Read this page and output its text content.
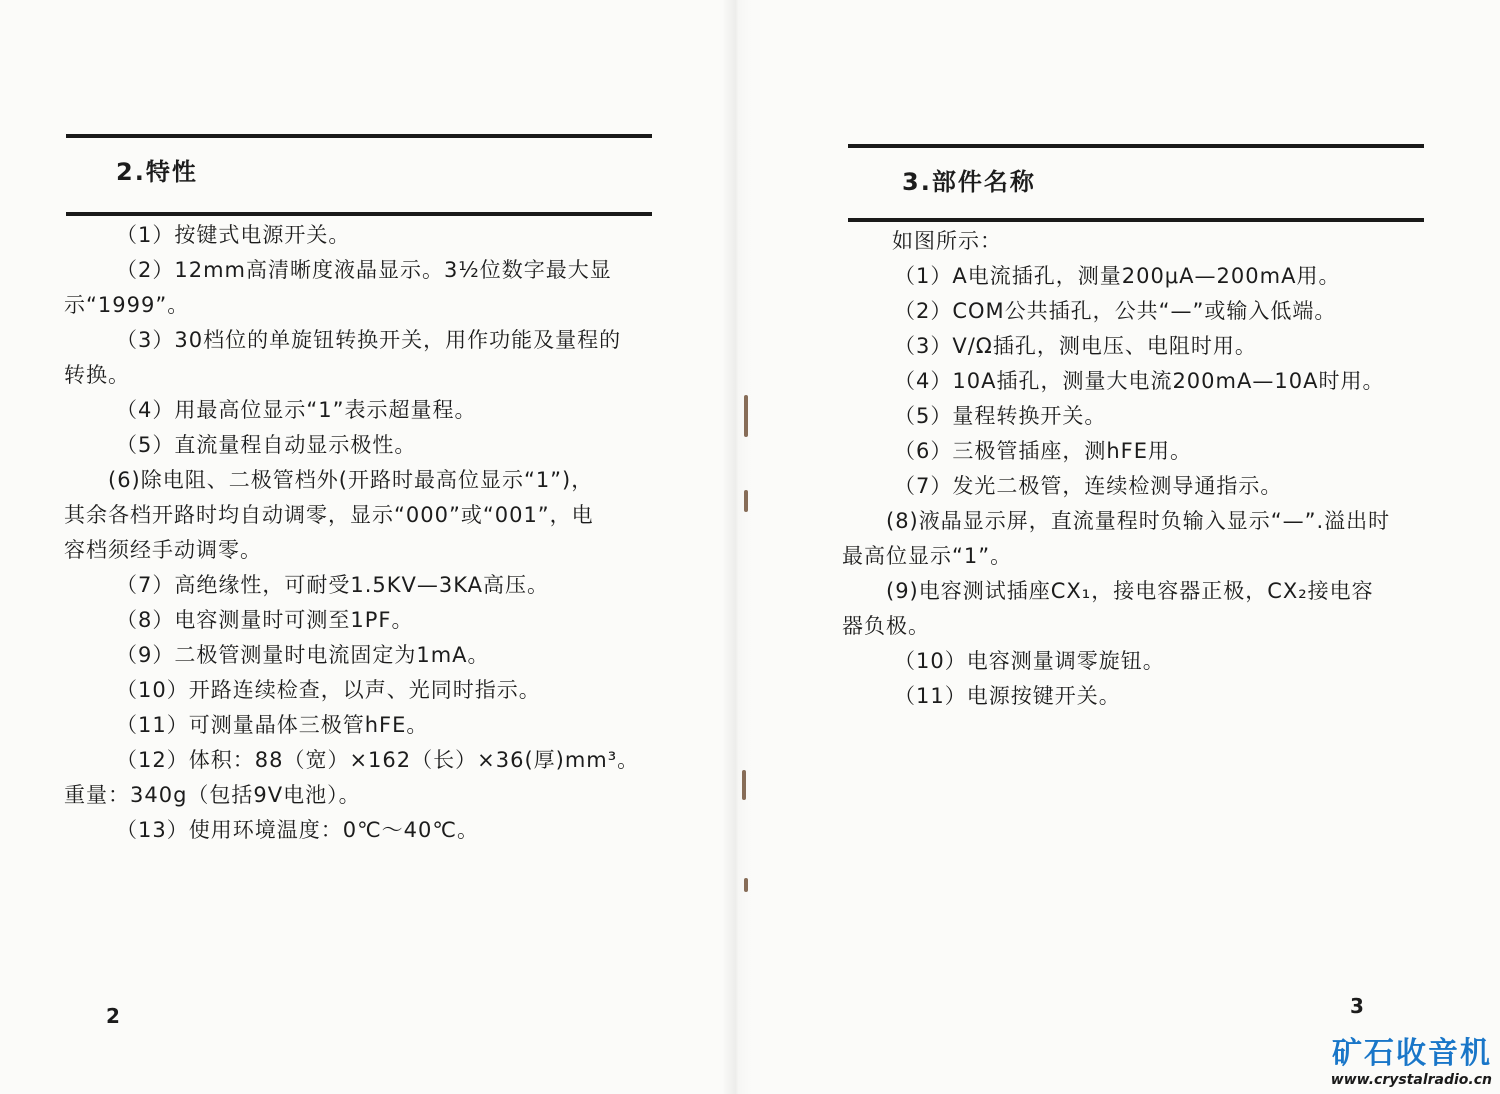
2.特性
（1）按键式电源开关。
（2）12mm高清晰度液晶显示。3½位数字最大显
示“1999”。
（3）30档位的单旋钮转换开关，用作功能及量程的
转换。
（4）用最高位显示“1”表示超量程。
（5）直流量程自动显示极性。
(6)除电阻、二极管档外(开路时最高位显示“1”)，
其余各档开路时均自动调零，显示“000”或“001”，电
容档须经手动调零。
（7）高绝缘性，可耐受1.5KV—3KA高压。
（8）电容测量时可测至1PF。
（9）二极管测量时电流固定为1mA。
（10）开路连续检查，以声、光同时指示。
（11）可测量晶体三极管hFE。
（12）体积：88（宽）×162（长）×36(厚)mm³。
重量：340g（包括9V电池）。
（13）使用环境温度：0℃～40℃。
2
3.部件名称
如图所示：
（1）A电流插孔，测量200μA—200mA用。
（2）COM公共插孔，公共“—”或输入低端。
（3）V/Ω插孔，测电压、电阻时用。
（4）10A插孔，测量大电流200mA—10A时用。
（5）量程转换开关。
（6）三极管插座，测hFE用。
（7）发光二极管，连续检测导通指示。
(8)液晶显示屏，直流量程时负输入显示“—”.溢出时
最高位显示“1”。
(9)电容测试插座CX₁，接电容器正极，CX₂接电容
器负极。
（10）电容测量调零旋钮。
（11）电源按键开关。
3
矿石收音机
www.crystalradio.cn
